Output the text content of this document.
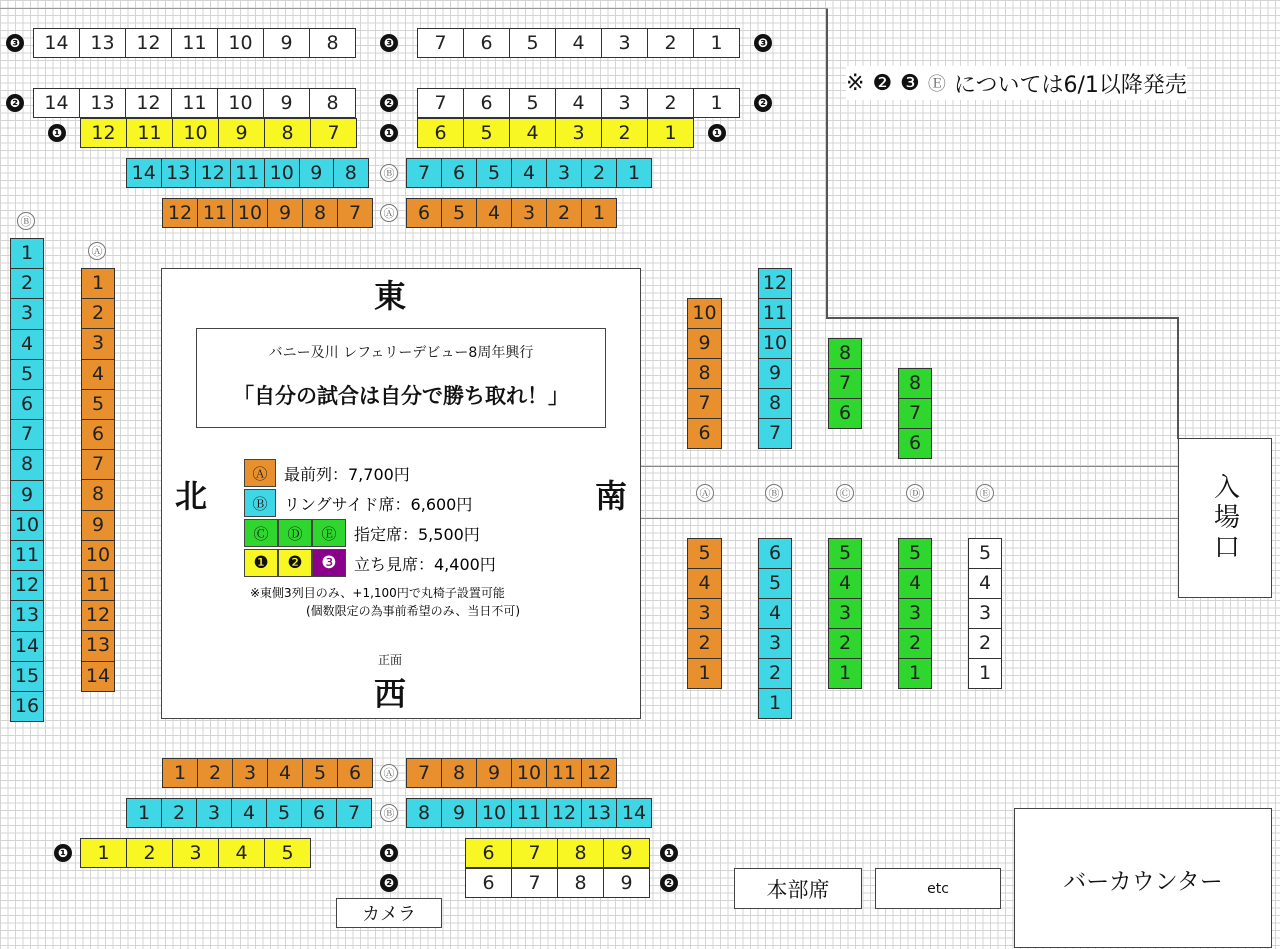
※ ❷ ❸ Ⓔ については6/1以降発売
東
北	南
正面
西
バニー及川 レフェリーデビュー8周年興行
「自分の試合は自分で勝ち取れ！」
Ⓐ	最前列：7,700円
Ⓑ	リングサイド席：6,600円
Ⓒ	Ⓓ	Ⓔ	指定席：5,500円
❶	❷	❸	立ち見席：4,400円
※東側3列目のみ、+1,100円で丸椅子設置可能
(個数限定の為事前希望のみ、当日不可)
14	13	12	11	10	9	8	7	6	5	4	3	2	1
14	13	12	11	10	9	8	7	6	5	4	3	2	1
12	11	10	9	8	7	6	5	4	3	2	1
14 13 12 11 10 9	8	7	6	5	4	3	2	1
12 11 10 9	8	7	6	5	4	3	2	1
1
2
3
4
5
6
7
8
9
10
11
12
13
14
15
16
1
2
3
4
5
6
7
8
9
10
11
12
13
14
10
9
8
7
6
12
11
10
9
8
7
8
7
6
8
7
6
5
4
3
2
1
6
5
4
3
2
1
5
4
3
2
1
5
4
3
2
1
5
4
3
2
1
1	2	3	4	5	6	7	8	9 10 11 12
1	2	3	4	5	6	7	8	9 10 11 12 13 14
1	2	3	4	5	6	7	8	9
6	7	8	9
❸	❸	❸
❷	❷	❷
❶	❶	❶
Ⓑ
Ⓐ
Ⓑ
Ⓐ
Ⓐ	Ⓑ	Ⓒ	Ⓓ	Ⓔ
Ⓐ
Ⓑ
❶	❶	❶
❷	❷
入場口
本部席	etc	バーカウンター
カメラ
